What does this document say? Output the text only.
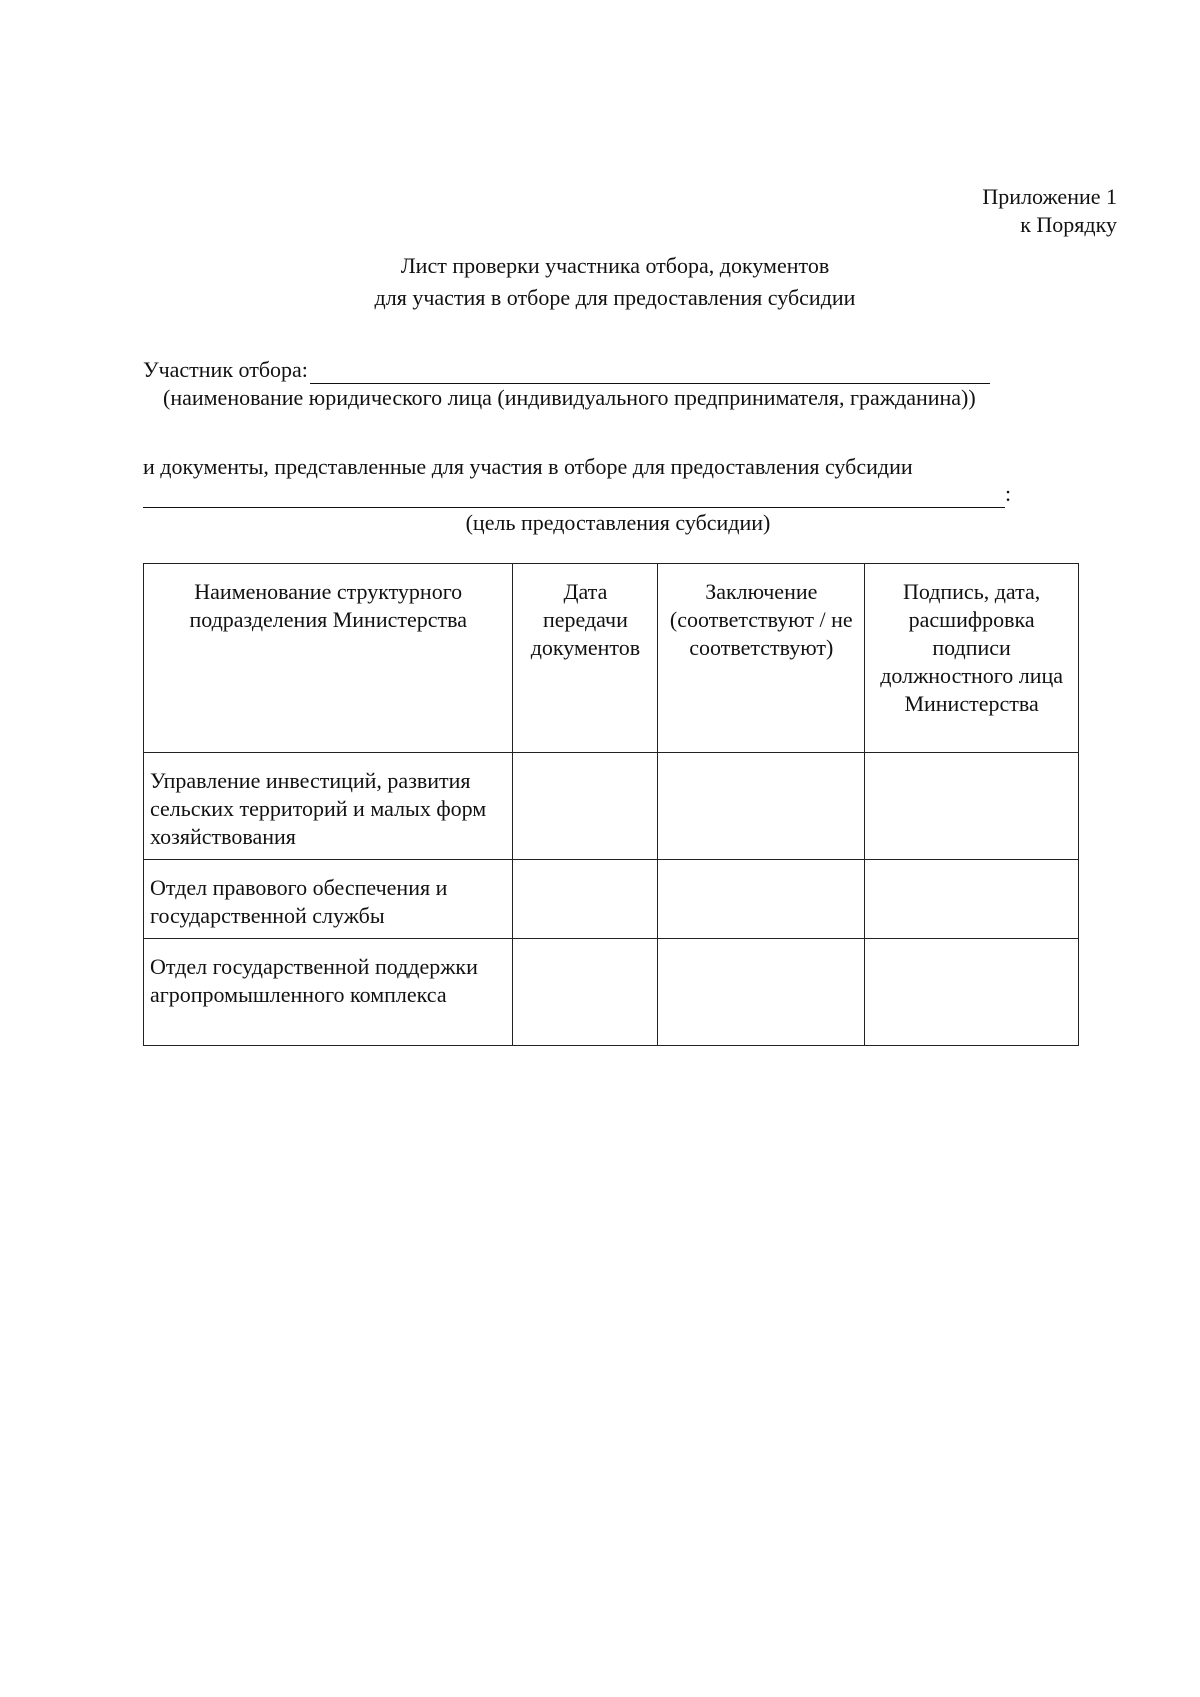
Приложение 1
к Порядку
Лист проверки участника отбора, документов
для участия в отборе для предоставления субсидии
Участник отбора:
(наименование юридического лица (индивидуального предпринимателя, гражданина))
и документы, представленные для участия в отборе для предоставления субсидии
:
(цель предоставления субсидии)
Наименование структурного подразделения Министерства	Дата передачи документов	Заключение (соответствуют / не соответствуют)	Подпись, дата, расшифровка подписи должностного лица Министерства
Управление инвестиций, развития сельских территорий и малых форм хозяйствования			
Отдел правового обеспечения и государственной службы			
Отдел государственной поддержки агропромышленного комплекса			
